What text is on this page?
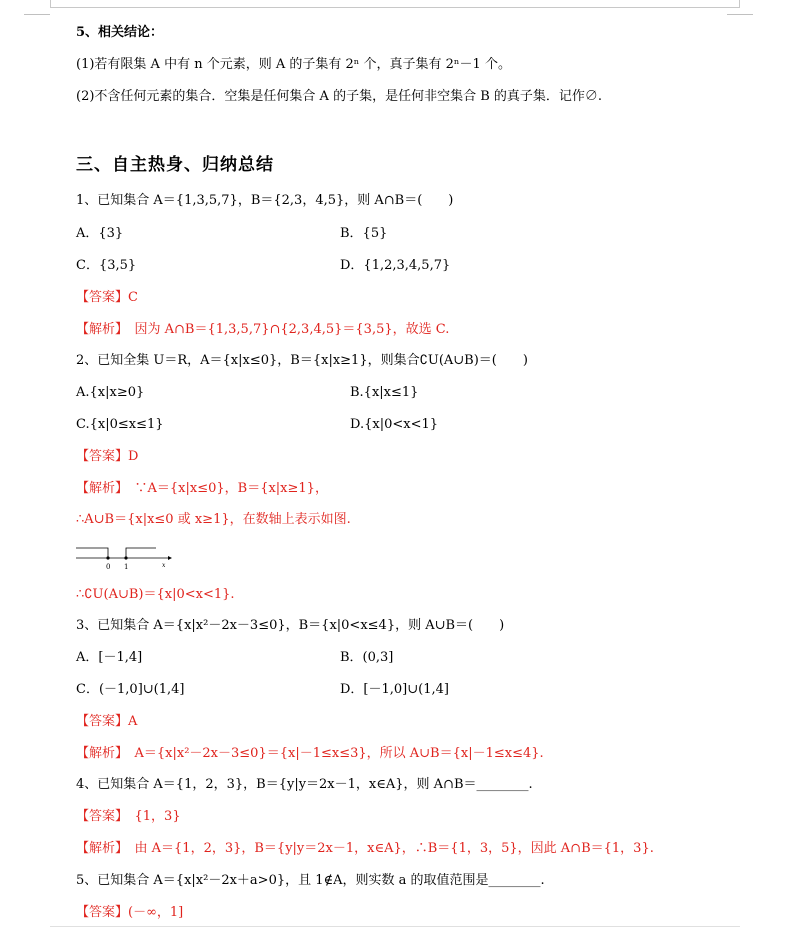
5、相关结论：
(1)若有限集 A 中有 n 个元素，则 A 的子集有 2ⁿ 个，真子集有 2ⁿ－1 个。
(2)不含任何元素的集合．空集是任何集合 A 的子集，是任何非空集合 B 的真子集．记作∅.
三、自主热身、归纳总结
1、已知集合 A＝{1,3,5,7}，B＝{2,3，4,5}，则 A∩B＝(　　)
A．{3}	B．{5}
C．{3,5}	D．{1,2,3,4,5,7}
【答案】C
【解析】　因为 A∩B＝{1,3,5,7}∩{2,3,4,5}＝{3,5}，故选 C.
2、已知全集 U＝R，A＝{x|x≤0}，B＝{x|x≥1}，则集合∁U(A∪B)＝(　　)
A.{x|x≥0}	B.{x|x≤1}
C.{x|0≤x≤1}	D.{x|0<x<1}
【答案】D
【解析】　∵A＝{x|x≤0}，B＝{x|x≥1}，
∴A∪B＝{x|x≤0 或 x≥1}，在数轴上表示如图.
0 1	x
∴∁U(A∪B)＝{x|0<x<1}.
3、已知集合 A＝{x|x²－2x－3≤0}，B＝{x|0<x≤4}，则 A∪B＝(　　)
A．[－1,4]	B．(0,3]
C．(－1,0]∪(1,4]	D．[－1,0]∪(1,4]
【答案】A
【解析】　A＝{x|x²－2x－3≤0}＝{x|－1≤x≤3}，所以 A∪B＝{x|－1≤x≤4}.
4、已知集合 A＝{1，2，3}，B＝{y|y＝2x－1，x∈A}，则 A∩B＝________.
【答案】　{1，3}
【解析】　由 A＝{1，2，3}，B＝{y|y＝2x－1，x∈A}，∴B＝{1，3，5}，因此 A∩B＝{1，3}.
5、已知集合 A＝{x|x²－2x＋a>0}，且 1∉A，则实数 a 的取值范围是________.
【答案】(－∞，1]
